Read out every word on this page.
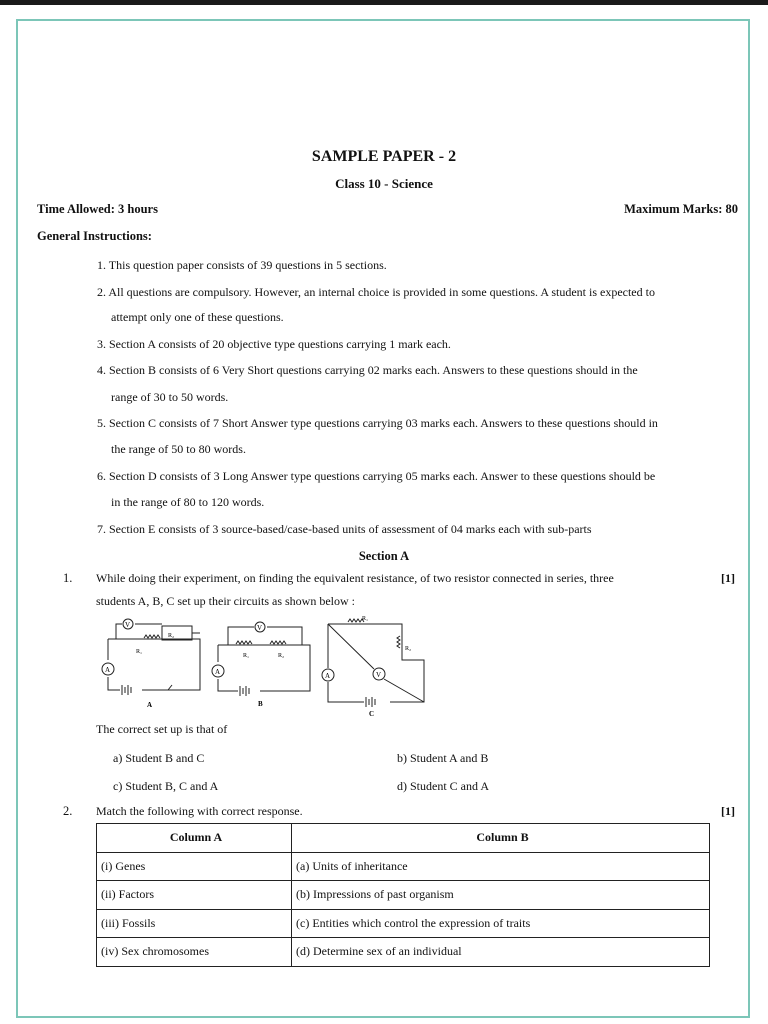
SAMPLE PAPER - 2
Class 10 - Science
Time Allowed: 3 hours	Maximum Marks: 80
General Instructions:
1. This question paper consists of 39 questions in 5 sections.
2. All questions are compulsory. However, an internal choice is provided in some questions. A student is expected to
attempt only one of these questions.
3. Section A consists of 20 objective type questions carrying 1 mark each.
4. Section B consists of 6 Very Short questions carrying 02 marks each. Answers to these questions should in the
range of 30 to 50 words.
5. Section C consists of 7 Short Answer type questions carrying 03 marks each. Answers to these questions should in
the range of 50 to 80 words.
6. Section D consists of 3 Long Answer type questions carrying 05 marks each. Answer to these questions should be
in the range of 80 to 120 words.
7. Section E consists of 3 source-based/case-based units of assessment of 04 marks each with sub-parts
Section A
1. While doing their experiment, on finding the equivalent resistance, of two resistor connected in series, three	[1]
students A, B, C set up their circuits as shown below :
V
A
R₂
R₁
A
V
A
R₁	R₂
B
V
A
R₁
R₂
C
The correct set up is that of
a) Student B and C	b) Student A and B
c) Student B, C and A	d) Student C and A
2. Match the following with correct response.	[1]
Column A	Column B
(i) Genes	(a) Units of inheritance
(ii) Factors	(b) Impressions of past organism
(iii) Fossils	(c) Entities which control the expression of traits
(iv) Sex chromosomes	(d) Determine sex of an individual
